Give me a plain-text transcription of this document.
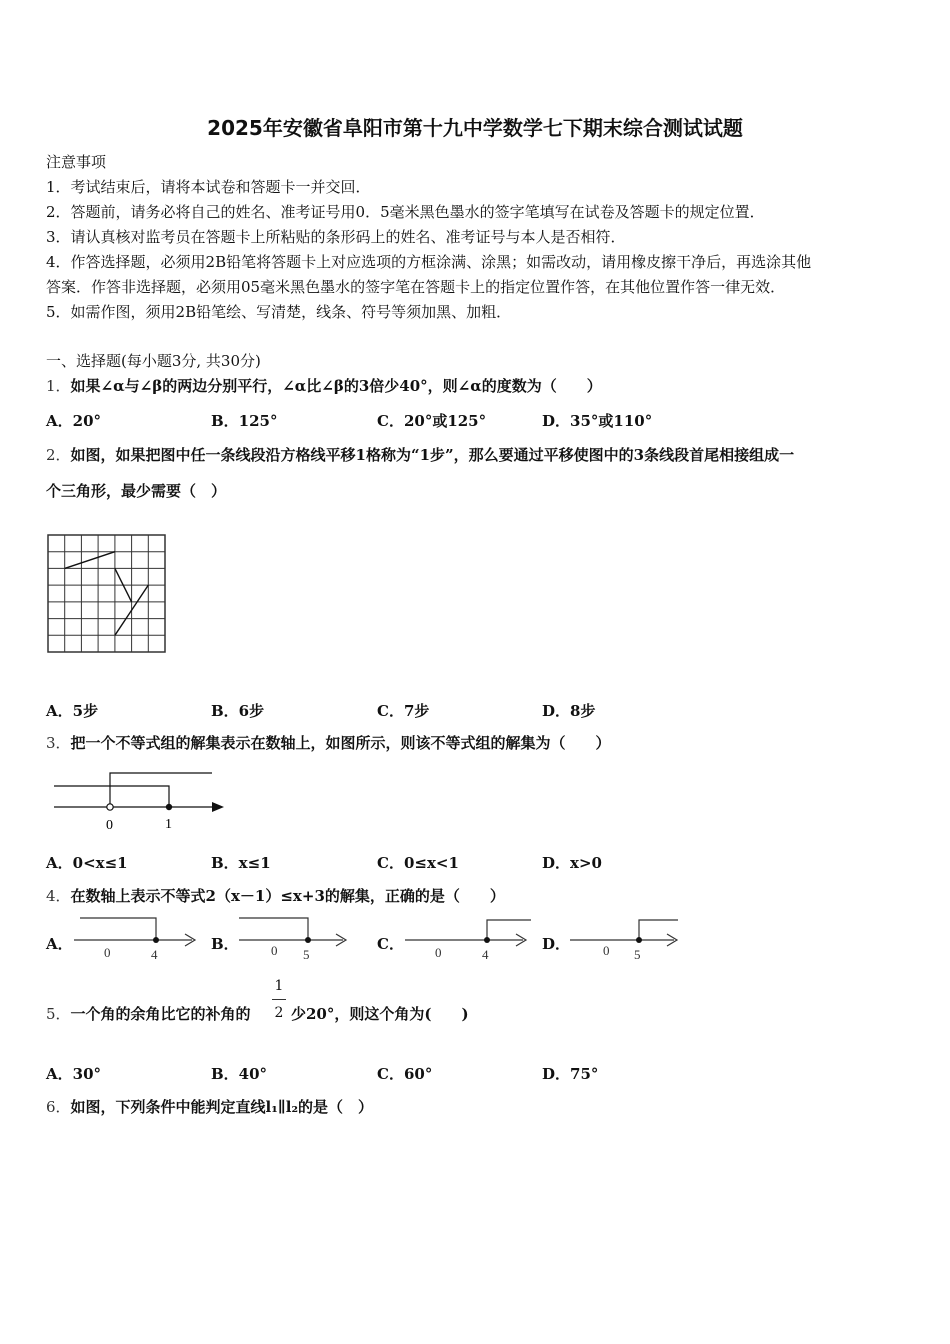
2025年安徽省阜阳市第十九中学数学七下期末综合测试试题
注意事项
1．考试结束后，请将本试卷和答题卡一并交回．
2．答题前，请务必将自己的姓名、准考证号用0．5毫米黑色墨水的签字笔填写在试卷及答题卡的规定位置．
3．请认真核对监考员在答题卡上所粘贴的条形码上的姓名、准考证号与本人是否相符．
4．作答选择题，必须用2B铅笔将答题卡上对应选项的方框涂满、涂黑；如需改动，请用橡皮擦干净后，再选涂其他
答案．作答非选择题，必须用05毫米黑色墨水的签字笔在答题卡上的指定位置作答，在其他位置作答一律无效．
5．如需作图，须用2B铅笔绘、写清楚，线条、符号等须加黑、加粗．
一、选择题(每小题3分, 共30分)
1．如果∠α与∠β的两边分别平行，∠α比∠β的3倍少40°，则∠α的度数为（　　）
A．20°	B．125°	C．20°或125°	D．35°或110°
2．如图，如果把图中任一条线段沿方格线平移1格称为“1步”，那么要通过平移使图中的3条线段首尾相接组成一
个三角形，最少需要（　）
A．5步	B．6步	C．7步	D．8步
3．把一个不等式组的解集表示在数轴上，如图所示，则该不等式组的解集为（　　）
0	1
A．0<x≤1	B．x≤1	C．0≤x<1	D．x>0
4．在数轴上表示不等式2（x－1）≤x+3的解集，正确的是（　　）
A． 0	4
B． 0 5
C． 0	4
D．	0 5
5．一个角的余角比它的补角的
1
2 少20°，则这个角为(　　)
A．30°	B．40°	C．60°	D．75°
6．如图，下列条件中能判定直线l₁∥l₂的是（　）
